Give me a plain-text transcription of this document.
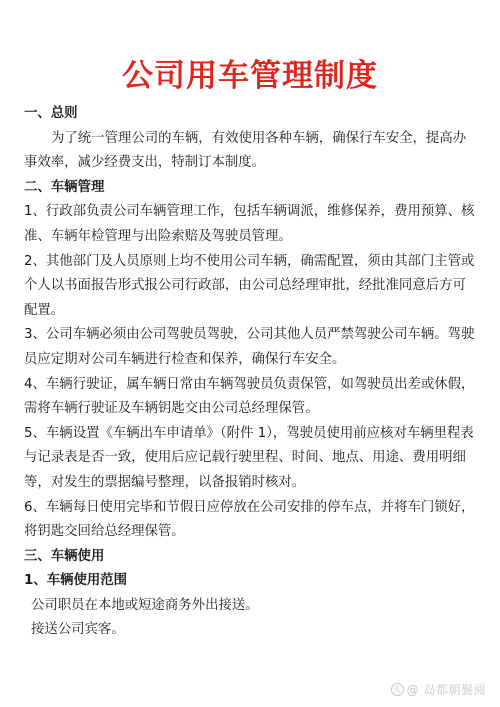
公司用车管理制度

一、总则

为了统一管理公司的车辆，有效使用各种车辆，确保行车安全，提高办事效率，减少经费支出，特制订本制度。

二、车辆管理

1、行政部负责公司车辆管理工作，包括车辆调派，维修保养，费用预算、核准、车辆年检管理与出险索赔及驾驶员管理。

2、其他部门及人员原则上均不使用公司车辆，确需配置，须由其部门主管或个人以书面报告形式报公司行政部，由公司总经理审批，经批准同意后方可配置。

3、公司车辆必须由公司驾驶员驾驶，公司其他人员严禁驾驶公司车辆。驾驶员应定期对公司车辆进行检查和保养，确保行车安全。

4、车辆行驶证，属车辆日常由车辆驾驶员负责保管，如驾驶员出差或休假，需将车辆行驶证及车辆钥匙交由公司总经理保管。

5、车辆设置《车辆出车申请单》（附件 1），驾驶员使用前应核对车辆里程表与记录表是否一致，使用后应记载行驶里程、时间、地点、用途、费用明细等，对发生的票据编号整理，以备报销时核对。

6、车辆每日使用完毕和节假日应停放在公司安排的停车点，并将车门锁好，将钥匙交回给总经理保管。

三、车辆使用

1、车辆使用范围

公司职员在本地或短途商务外出接送。

接送公司宾客。

头 @ 岛都朝鬓阅
